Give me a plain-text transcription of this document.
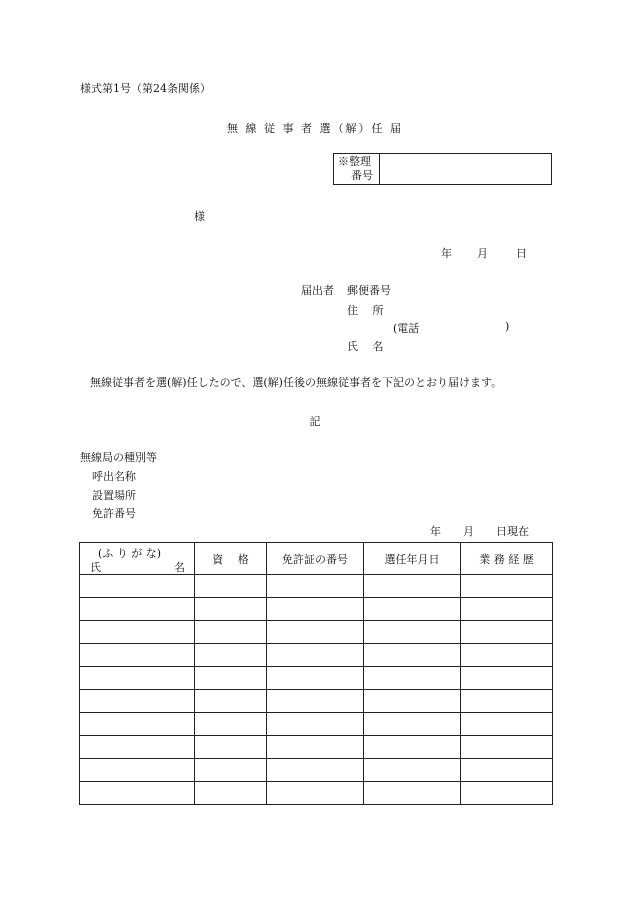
様式第1号（第24条関係）
無 線 従 事 者 選（解）任 届
※整理
番号
様
年 月	日
届出者 郵便番号
住　 所
(電話	)
氏　 名
無線従事者を選(解)任したので、選(解)任後の無線従事者を下記のとおり届けます。
記
無線局の種別等
呼出名称
設置場所
免許番号
年 月 日現在
(ふ り が な)
氏 名	資　 格	免許証の番号	選任年月日	業 務 経 歴
